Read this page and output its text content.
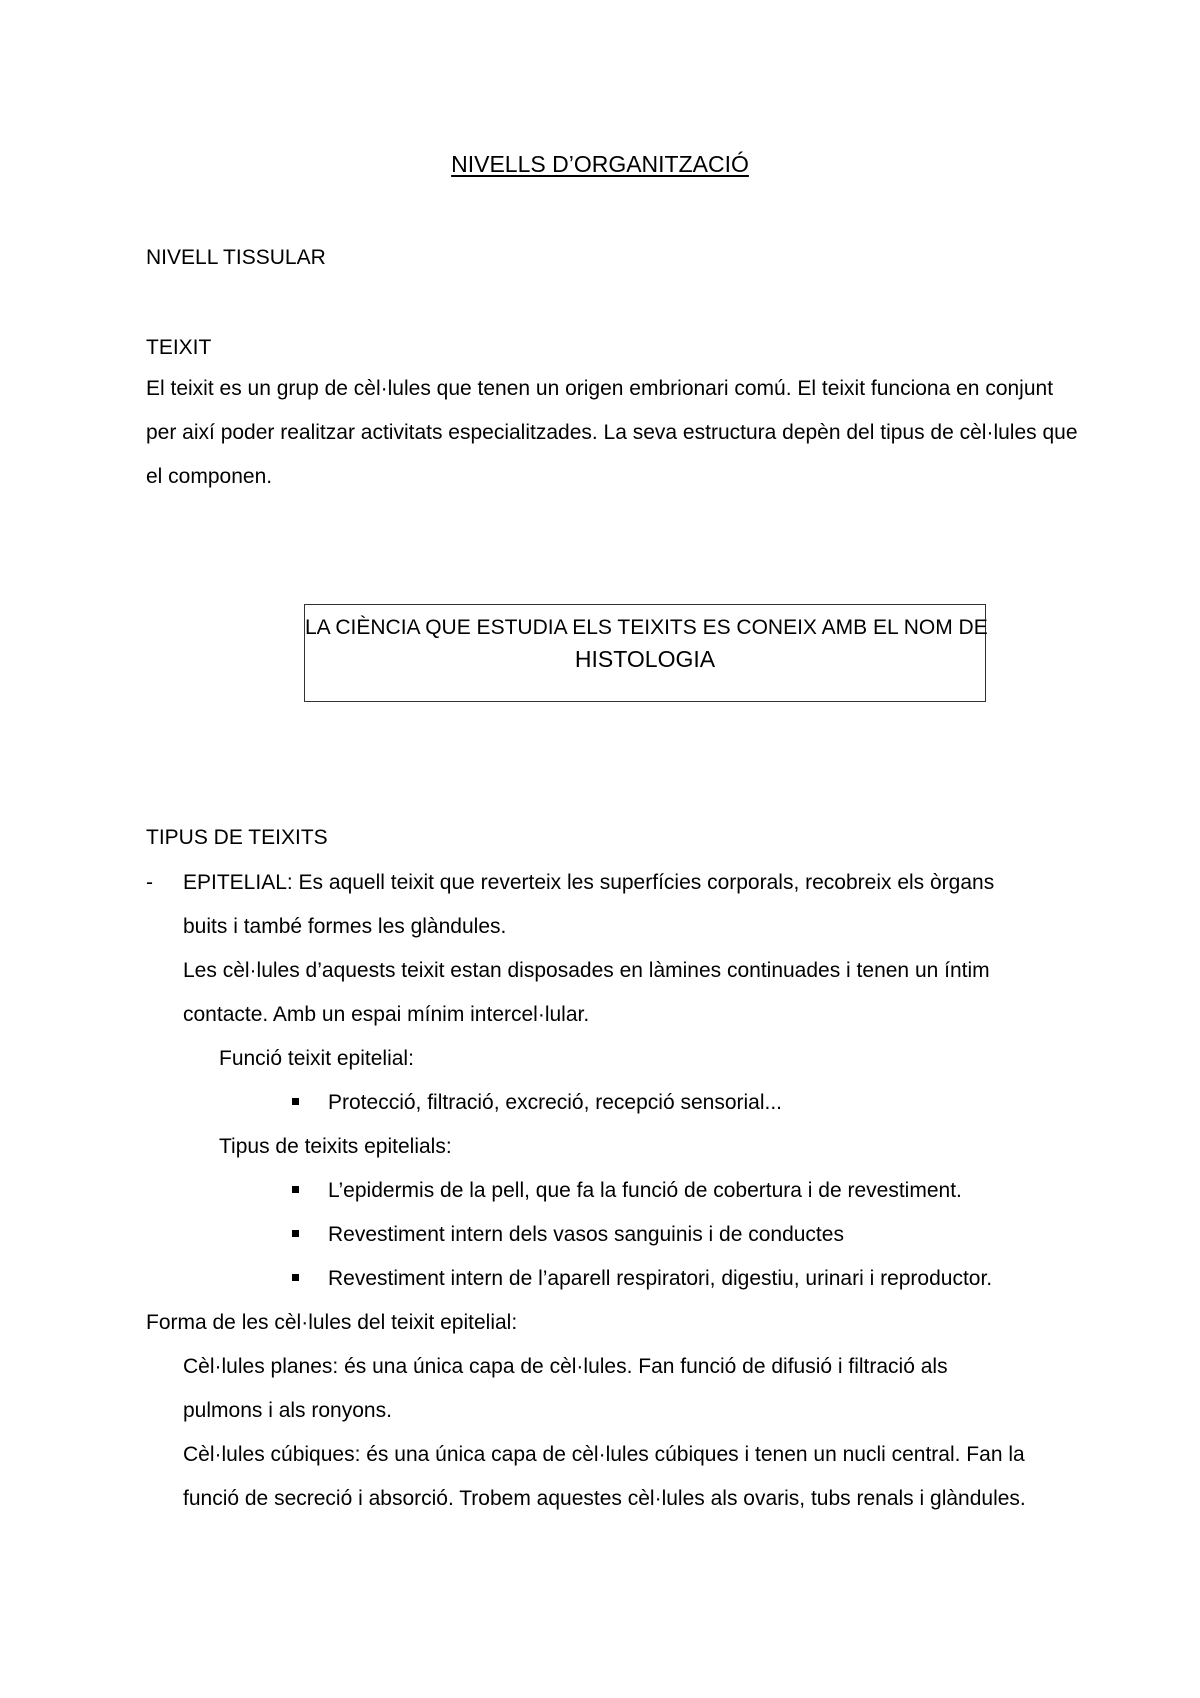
NIVELLS D’ORGANITZACIÓ
NIVELL TISSULAR
TEIXIT
El teixit es un grup de cèl·lules que tenen un origen embrionari comú. El teixit funciona en conjunt per així poder realitzar activitats especialitzades. La seva estructura depèn del tipus de cèl·lules que el componen.
LA CIÈNCIA QUE ESTUDIA ELS TEIXITS ES CONEIX AMB EL NOM DE
HISTOLOGIA
TIPUS DE TEIXITS
- EPITELIAL: Es aquell teixit que reverteix les superfícies corporals, recobreix els òrgans
buits i també formes les glàndules.
Les cèl·lules d’aquests teixit estan disposades en làmines continuades i tenen un íntim
contacte. Amb un espai mínim intercel·lular.
Funció teixit epitelial:
Protecció, filtració, excreció, recepció sensorial...
Tipus de teixits epitelials:
L’epidermis de la pell, que fa la funció de cobertura i de revestiment.
Revestiment intern dels vasos sanguinis i de conductes
Revestiment intern de l’aparell respiratori, digestiu, urinari i reproductor.
Forma de les cèl·lules del teixit epitelial:
Cèl·lules planes: és una única capa de cèl·lules. Fan funció de difusió i filtració als
pulmons i als ronyons.
Cèl·lules cúbiques: és una única capa de cèl·lules cúbiques i tenen un nucli central. Fan la
funció de secreció i absorció. Trobem aquestes cèl·lules als ovaris, tubs renals i glàndules.
